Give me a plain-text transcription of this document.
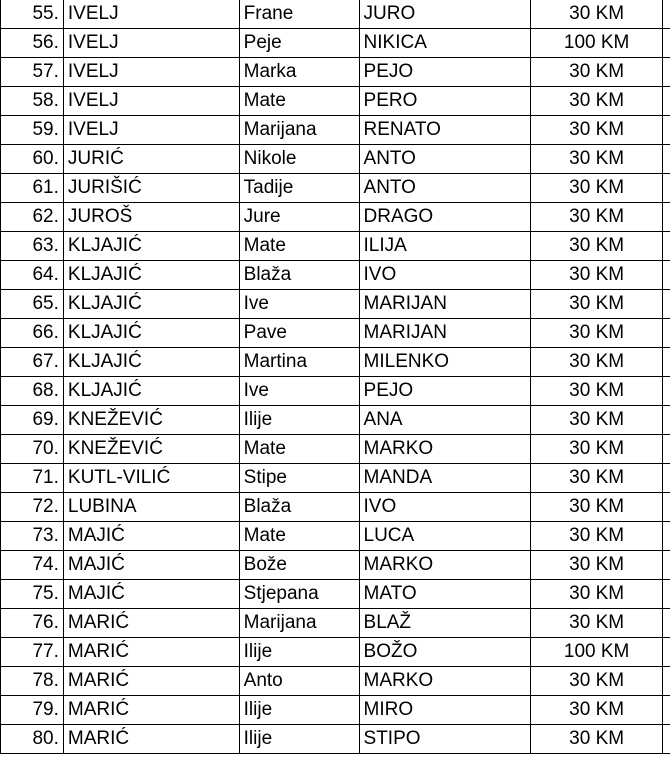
55.	IVELJ	Frane	JURO	30 KM	
56.	IVELJ	Peje	NIKICA	100 KM	
57.	IVELJ	Marka	PEJO	30 KM	
58.	IVELJ	Mate	PERO	30 KM	
59.	IVELJ	Marijana	RENATO	30 KM	
60.	JURIĆ	Nikole	ANTO	30 KM	
61.	JURIŠIĆ	Tadije	ANTO	30 KM	
62.	JUROŠ	Jure	DRAGO	30 KM	
63.	KLJAJIĆ	Mate	ILIJA	30 KM	
64.	KLJAJIĆ	Blaža	IVO	30 KM	
65.	KLJAJIĆ	Ive	MARIJAN	30 KM	
66.	KLJAJIĆ	Pave	MARIJAN	30 KM	
67.	KLJAJIĆ	Martina	MILENKO	30 KM	
68.	KLJAJIĆ	Ive	PEJO	30 KM	
69.	KNEŽEVIĆ	Ilije	ANA	30 KM	
70.	KNEŽEVIĆ	Mate	MARKO	30 KM	
71.	KUTL-VILIĆ	Stipe	MANDA	30 KM	
72.	LUBINA	Blaža	IVO	30 KM	
73.	MAJIĆ	Mate	LUCA	30 KM	
74.	MAJIĆ	Bože	MARKO	30 KM	
75.	MAJIĆ	Stjepana	MATO	30 KM	
76.	MARIĆ	Marijana	BLAŽ	30 KM	
77.	MARIĆ	Ilije	BOŽO	100 KM	
78.	MARIĆ	Anto	MARKO	30 KM	
79.	MARIĆ	Ilije	MIRO	30 KM	
80.	MARIĆ	Ilije	STIPO	30 KM	
